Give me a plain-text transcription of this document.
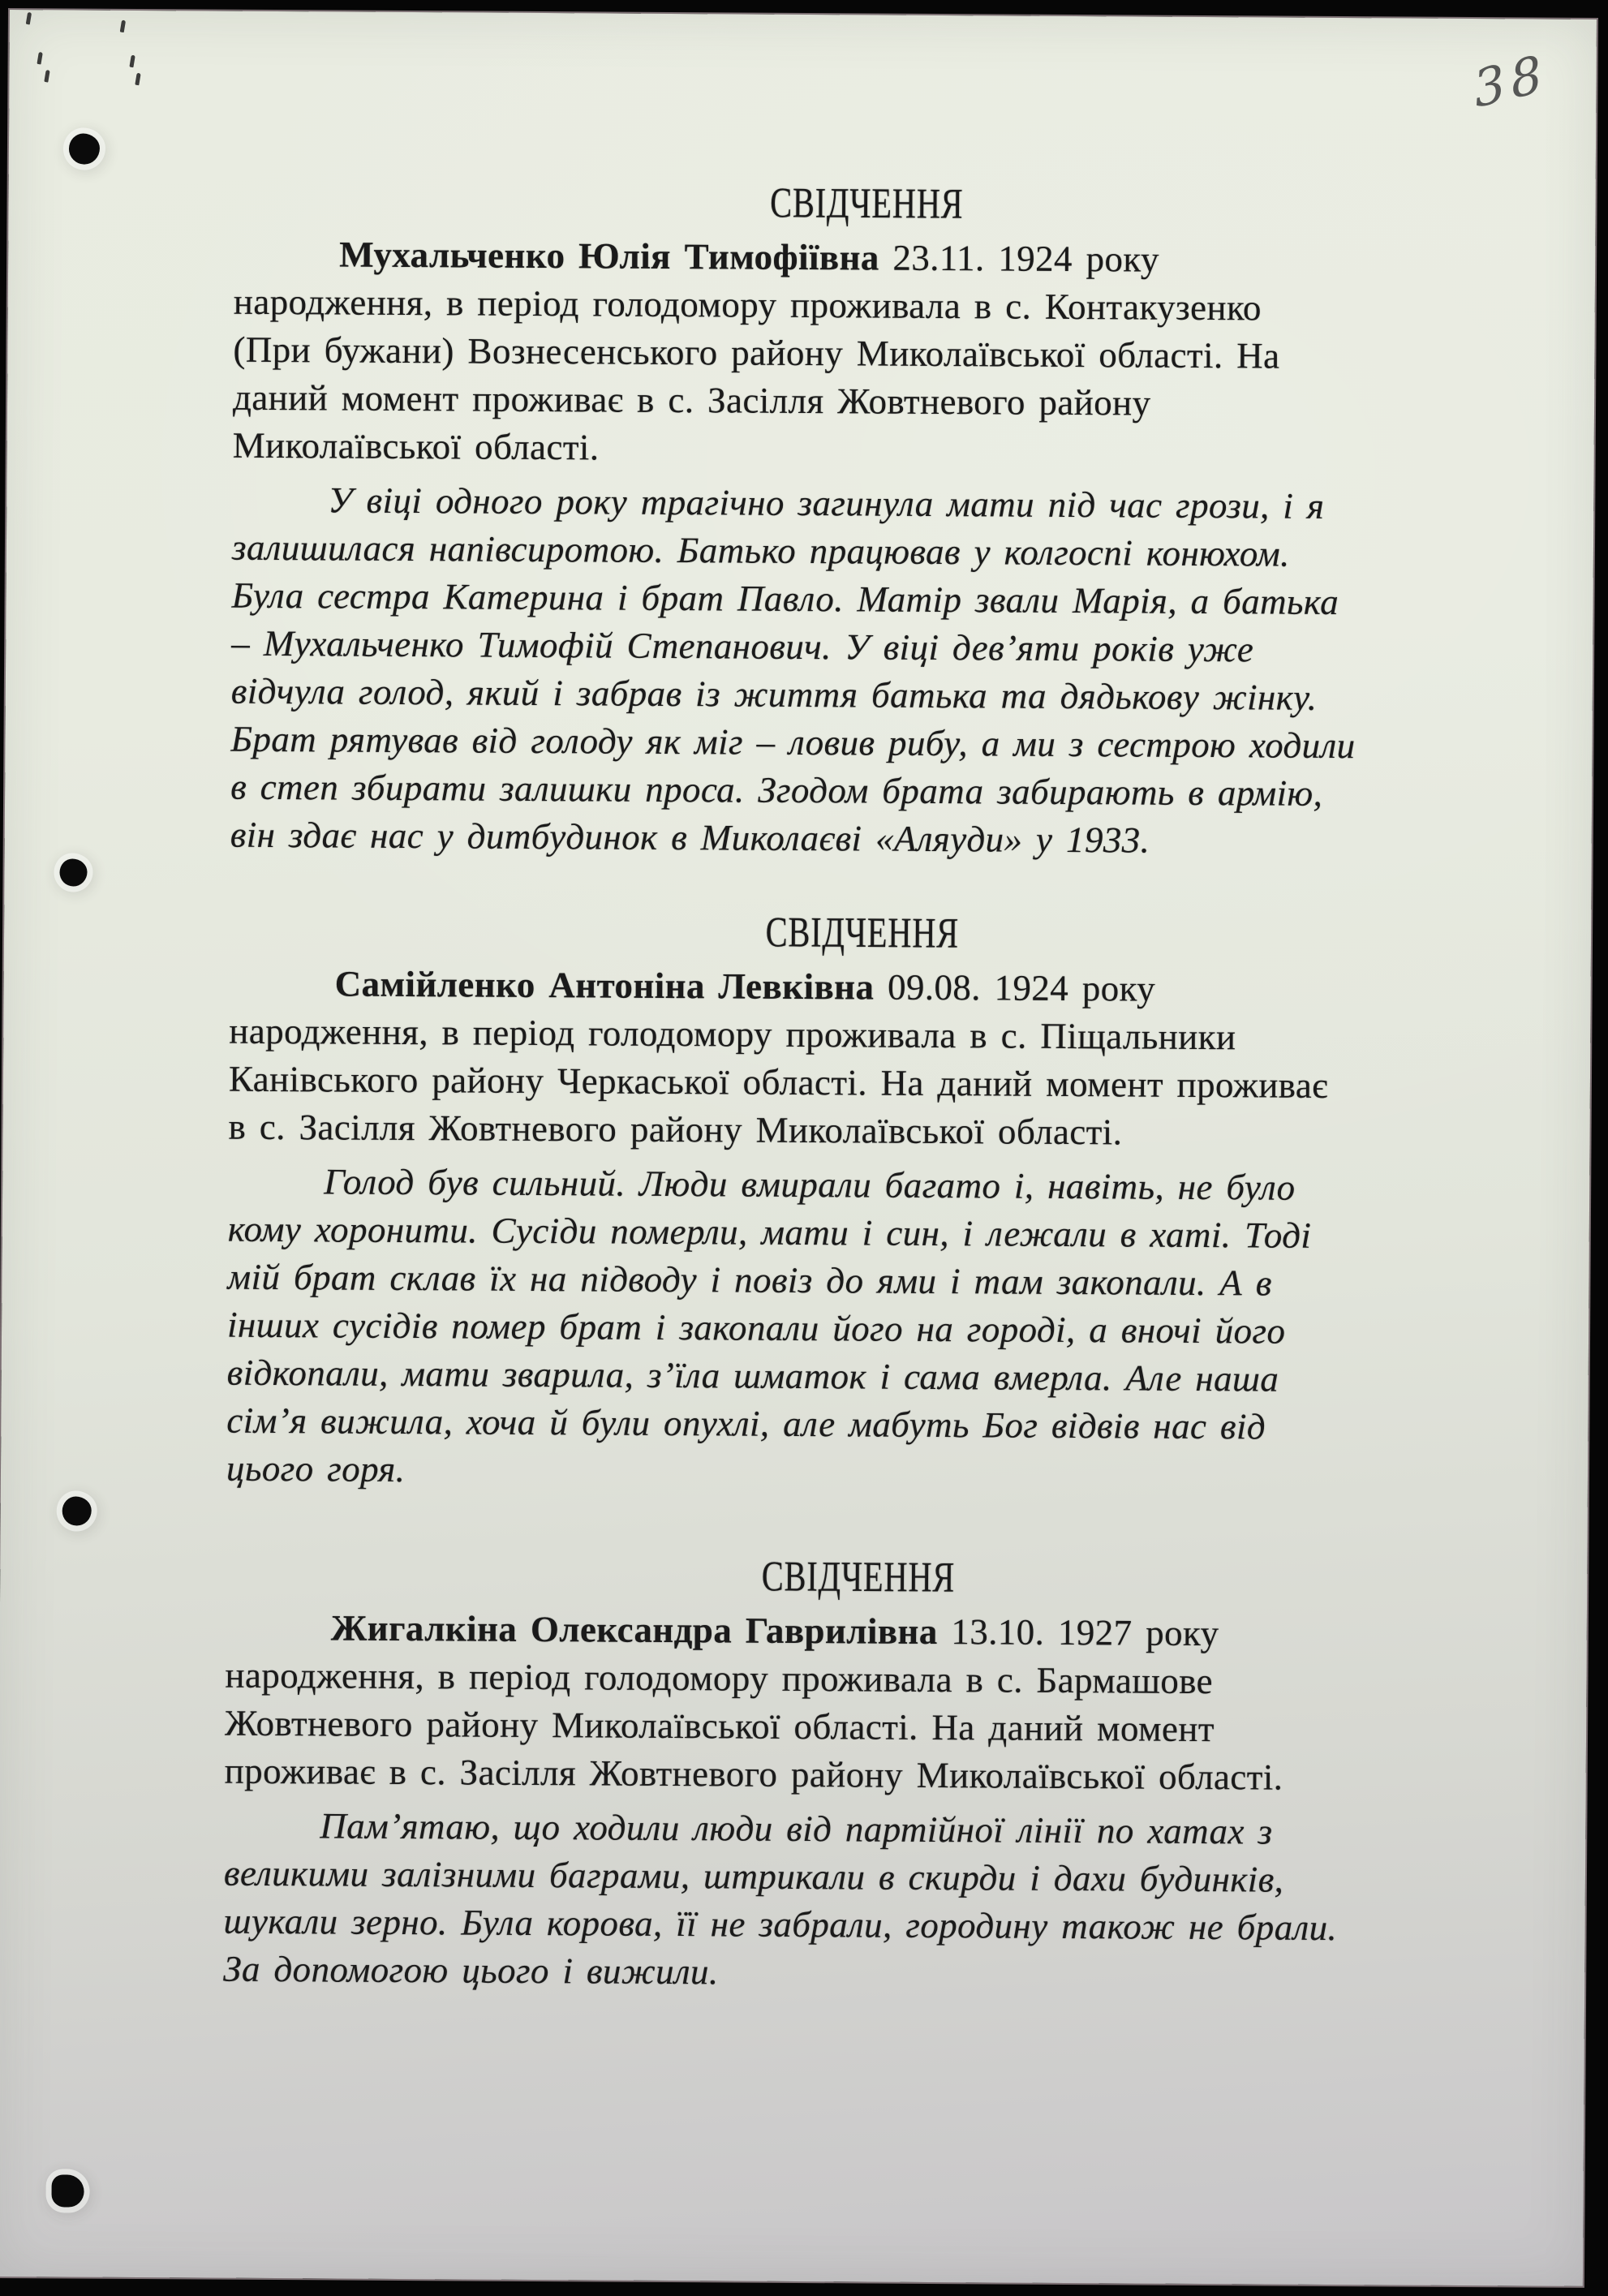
38
СВІДЧЕННЯ
Мухальченко Юлія Тимофіївна 23.11. 1924 року
народження, в період голодомору проживала в с. Контакузенко
(При бужани) Вознесенського району Миколаївської області. На
даний момент проживає в с. Засілля Жовтневого району
Миколаївської області.
У віці одного року трагічно загинула мати під час грози, і я
залишилася напівсиротою. Батько працював у колгоспі конюхом.
Була сестра Катерина і брат Павло. Матір звали Марія, а батька
– Мухальченко Тимофій Степанович. У віці дев’яти років уже
відчула голод, який і забрав із життя батька та дядькову жінку.
Брат рятував від голоду як міг – ловив рибу, а ми з сестрою ходили
в степ збирати залишки проса. Згодом брата забирають в армію,
він здає нас у дитбудинок в Миколаєві «Аляуди» у 1933.
СВІДЧЕННЯ
Самійленко Антоніна Левківна 09.08. 1924 року
народження, в період голодомору проживала в с. Піщальники
Канівського району Черкаської області. На даний момент проживає
в с. Засілля Жовтневого району Миколаївської області.
Голод був сильний. Люди вмирали багато і, навіть, не було
кому хоронити. Сусіди померли, мати і син, і лежали в хаті. Тоді
мій брат склав їх на підводу і повіз до ями і там закопали. А в
інших сусідів помер брат і закопали його на городі, а вночі його
відкопали, мати зварила, з’їла шматок і сама вмерла. Але наша
сім’я вижила, хоча й були опухлі, але мабуть Бог відвів нас від
цього горя.
СВІДЧЕННЯ
Жигалкіна Олександра Гаврилівна 13.10. 1927 року
народження, в період голодомору проживала в с. Бармашове
Жовтневого району Миколаївської області. На даний момент
проживає в с. Засілля Жовтневого району Миколаївської області.
Пам’ятаю, що ходили люди від партійної лінії по хатах з
великими залізними баграми, штрикали в скирди і дахи будинків,
шукали зерно. Була корова, її не забрали, городину також не брали.
За допомогою цього і вижили.
